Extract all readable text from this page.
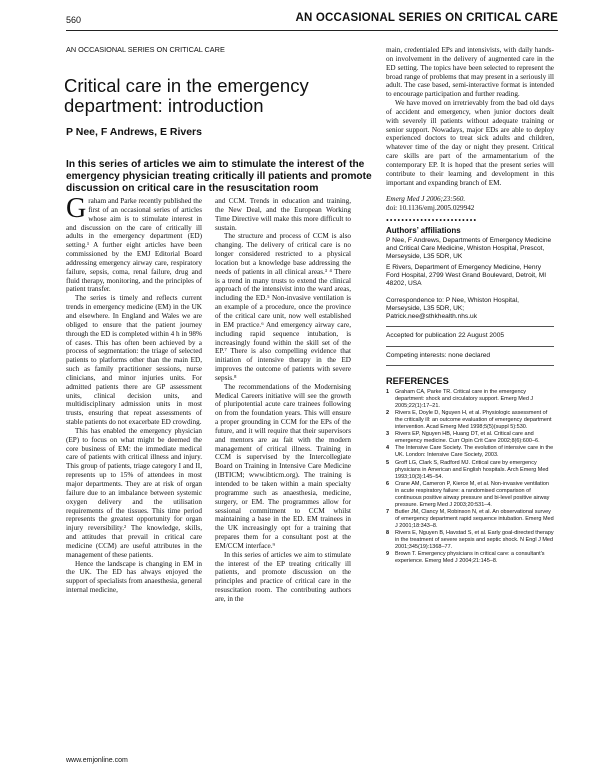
560	AN OCCASIONAL SERIES ON CRITICAL CARE
AN OCCASIONAL SERIES ON CRITICAL CARE
Critical care in the emergency department: introduction
P Nee, F Andrews, E Rivers

In this series of articles we aim to stimulate the interest of the emergency physician treating critically ill patients and promote discussion on critical care in the resuscitation room

Graham and Parke recently published the first of an occasional series of articles whose aim is to stimulate interest in and discussion on the care of critically ill adults in the emergency department (ED) setting.¹ A further eight articles have been commissioned by the EMJ Editorial Board addressing emergency airway care, respiratory failure, sepsis, coma, renal failure, drug and fluid therapy, monitoring, and the principles of patient transfer.

The series is timely and reflects current trends in emergency medicine (EM) in the UK and elsewhere. In England and Wales we are obliged to ensure that the patient journey through the ED is completed within 4 h in 98% of cases. This has often been achieved by a process of segmentation: the triage of selected patients to platforms other than the main ED, such as family practitioner sessions, nurse clinicians, and minor injuries units. For admitted patients there are GP assessment units, clinical decision units, and multidisciplinary admission units in most trusts, ensuring that repeat assessments of stable patients do not exacerbate ED crowding.

This has enabled the emergency physician (EP) to focus on what might be deemed the core business of EM: the immediate medical care of patients with critical illness and injury. This group of patients, triage category I and II, represents up to 15% of attendees in most major departments. They are at risk of organ failure due to an imbalance between systemic oxygen delivery and the utilisation requirements of the tissues. This time period represents the greatest opportunity for organ injury reversibility.² The knowledge, skills, and attitudes that prevail in critical care medicine (CCM) are useful attributes in the management of these patients.

Hence the landscape is changing in EM in the UK. The ED has always enjoyed the support of specialists from anaesthesia, general internal medicine,

and CCM. Trends in education and training, the New Deal, and the European Working Time Directive will make this more difficult to sustain.

The structure and process of CCM is also changing. The delivery of critical care is no longer considered restricted to a physical location but a knowledge base addressing the needs of patients in all clinical areas.³ ⁴ There is a trend in many trusts to extend the clinical approach of the intensivist into the ward areas, including the ED.⁵ Non-invasive ventilation is an example of a procedure, once the province of the critical care unit, now well established in EM practice.⁶ And emergency airway care, including rapid sequence intubation, is increasingly found within the skill set of the EP.⁷ There is also compelling evidence that initiation of intensive therapy in the ED improves the outcome of patients with severe sepsis.⁸

The recommendations of the Modernising Medical Careers initiative will see the growth of pluripotential acute care trainees following on from the foundation years. This will ensure a proper grounding in CCM for the EPs of the future, and it will require that their supervisors and mentors are au fait with the modern management of critical illness. Training in CCM is supervised by the Intercollegiate Board on Training in Intensive Care Medicine (IBTICM; www.ibticm.org). The training is intended to be taken within a main specialty programme such as anaesthesia, medicine, surgery, or EM. The programmes allow for sessional commitment to CCM whilst maintaining a base in the ED. EM trainees in the UK increasingly opt for a training that prepares them for a consultant post at the EM/CCM interface.⁹

In this series of articles we aim to stimulate the interest of the EP treating critically ill patients, and promote discussion on the principles and practice of critical care in the resuscitation room. The contributing authors are, in the

main, credentialed EPs and intensivists, with daily hands-on involvement in the delivery of augmented care in the ED setting. The topics have been selected to represent the broad range of problems that may present in a seriously ill adult. The case based, semi-interactive format is intended to encourage participation and further reading.

We have moved on irretrievably from the bad old days of accident and emergency, when junior doctors dealt with severely ill patients without adequate training or senior support. Nowadays, major EDs are able to deploy experienced doctors to treat sick adults and children, whatever time of the day or night they present. Critical care skills are part of the armamentarium of the contemporary EP. It is hoped that the present series will contribute to their learning and development in this important and expanding branch of EM.

Emerg Med J 2006;23:560.
doi: 10.1136/emj.2005.029942
••••••••••••••••••••••••
Authors’ affiliations
P Nee, F Andrews, Departments of Emergency Medicine and Critical Care Medicine, Whiston Hospital, Prescot, Merseyside, L35 5DR, UK
E Rivers, Department of Emergency Medicine, Henry Ford Hospital, 2799 West Grand Boulevard, Detroit, MI 48202, USA
Correspondence to: P Nee, Whiston Hospital, Merseyside, L35 5DR, UK; Patrick.nee@sthkhealth.nhs.uk
Accepted for publication 22 August 2005
Competing interests: none declared
REFERENCES
1 Graham CA, Parke TR. Critical care in the emergency department: shock and circulatory support. Emerg Med J 2005;22(1):17–21.
2 Rivers E, Doyle D, Nguyen H, et al. Physiologic assessment of the critically ill: an outcome evaluation of emergency department intervention. Acad Emerg Med 1998;5(5)(suppl 5):530.
3 Rivers EP, Nguyen HB, Huang DT, et al. Critical care and emergency medicine. Curr Opin Crit Care 2002;8(6):600–6.
4 The Intensive Care Society. The evolution of intensive care in the UK. London: Intensive Care Society, 2003.
5 Groff LG, Clark S, Radford MJ. Critical care by emergency physicians in American and English hospitals. Arch Emerg Med 1993;10(3):145–54.
6 Crane AM, Cameron P, Kierce M, et al. Non-invasive ventilation in acute respiratory failure: a randomised comparison of continuous positive airway pressure and bi-level positive airway pressure. Emerg Med J 2003;20:531–4.
7 Butler JM, Clancy M, Robinson N, et al. An observational survey of emergency department rapid sequence intubation. Emerg Med J 2001;18:343–8.
8 Rivers E, Nguyen B, Havstad S, et al. Early goal-directed therapy in the treatment of severe sepsis and septic shock. N Engl J Med 2001;345(19):1368–77.
9 Brown T. Emergency physicians in critical care: a consultant's experience. Emerg Med J 2004;21:145–8.
www.emjonline.com
